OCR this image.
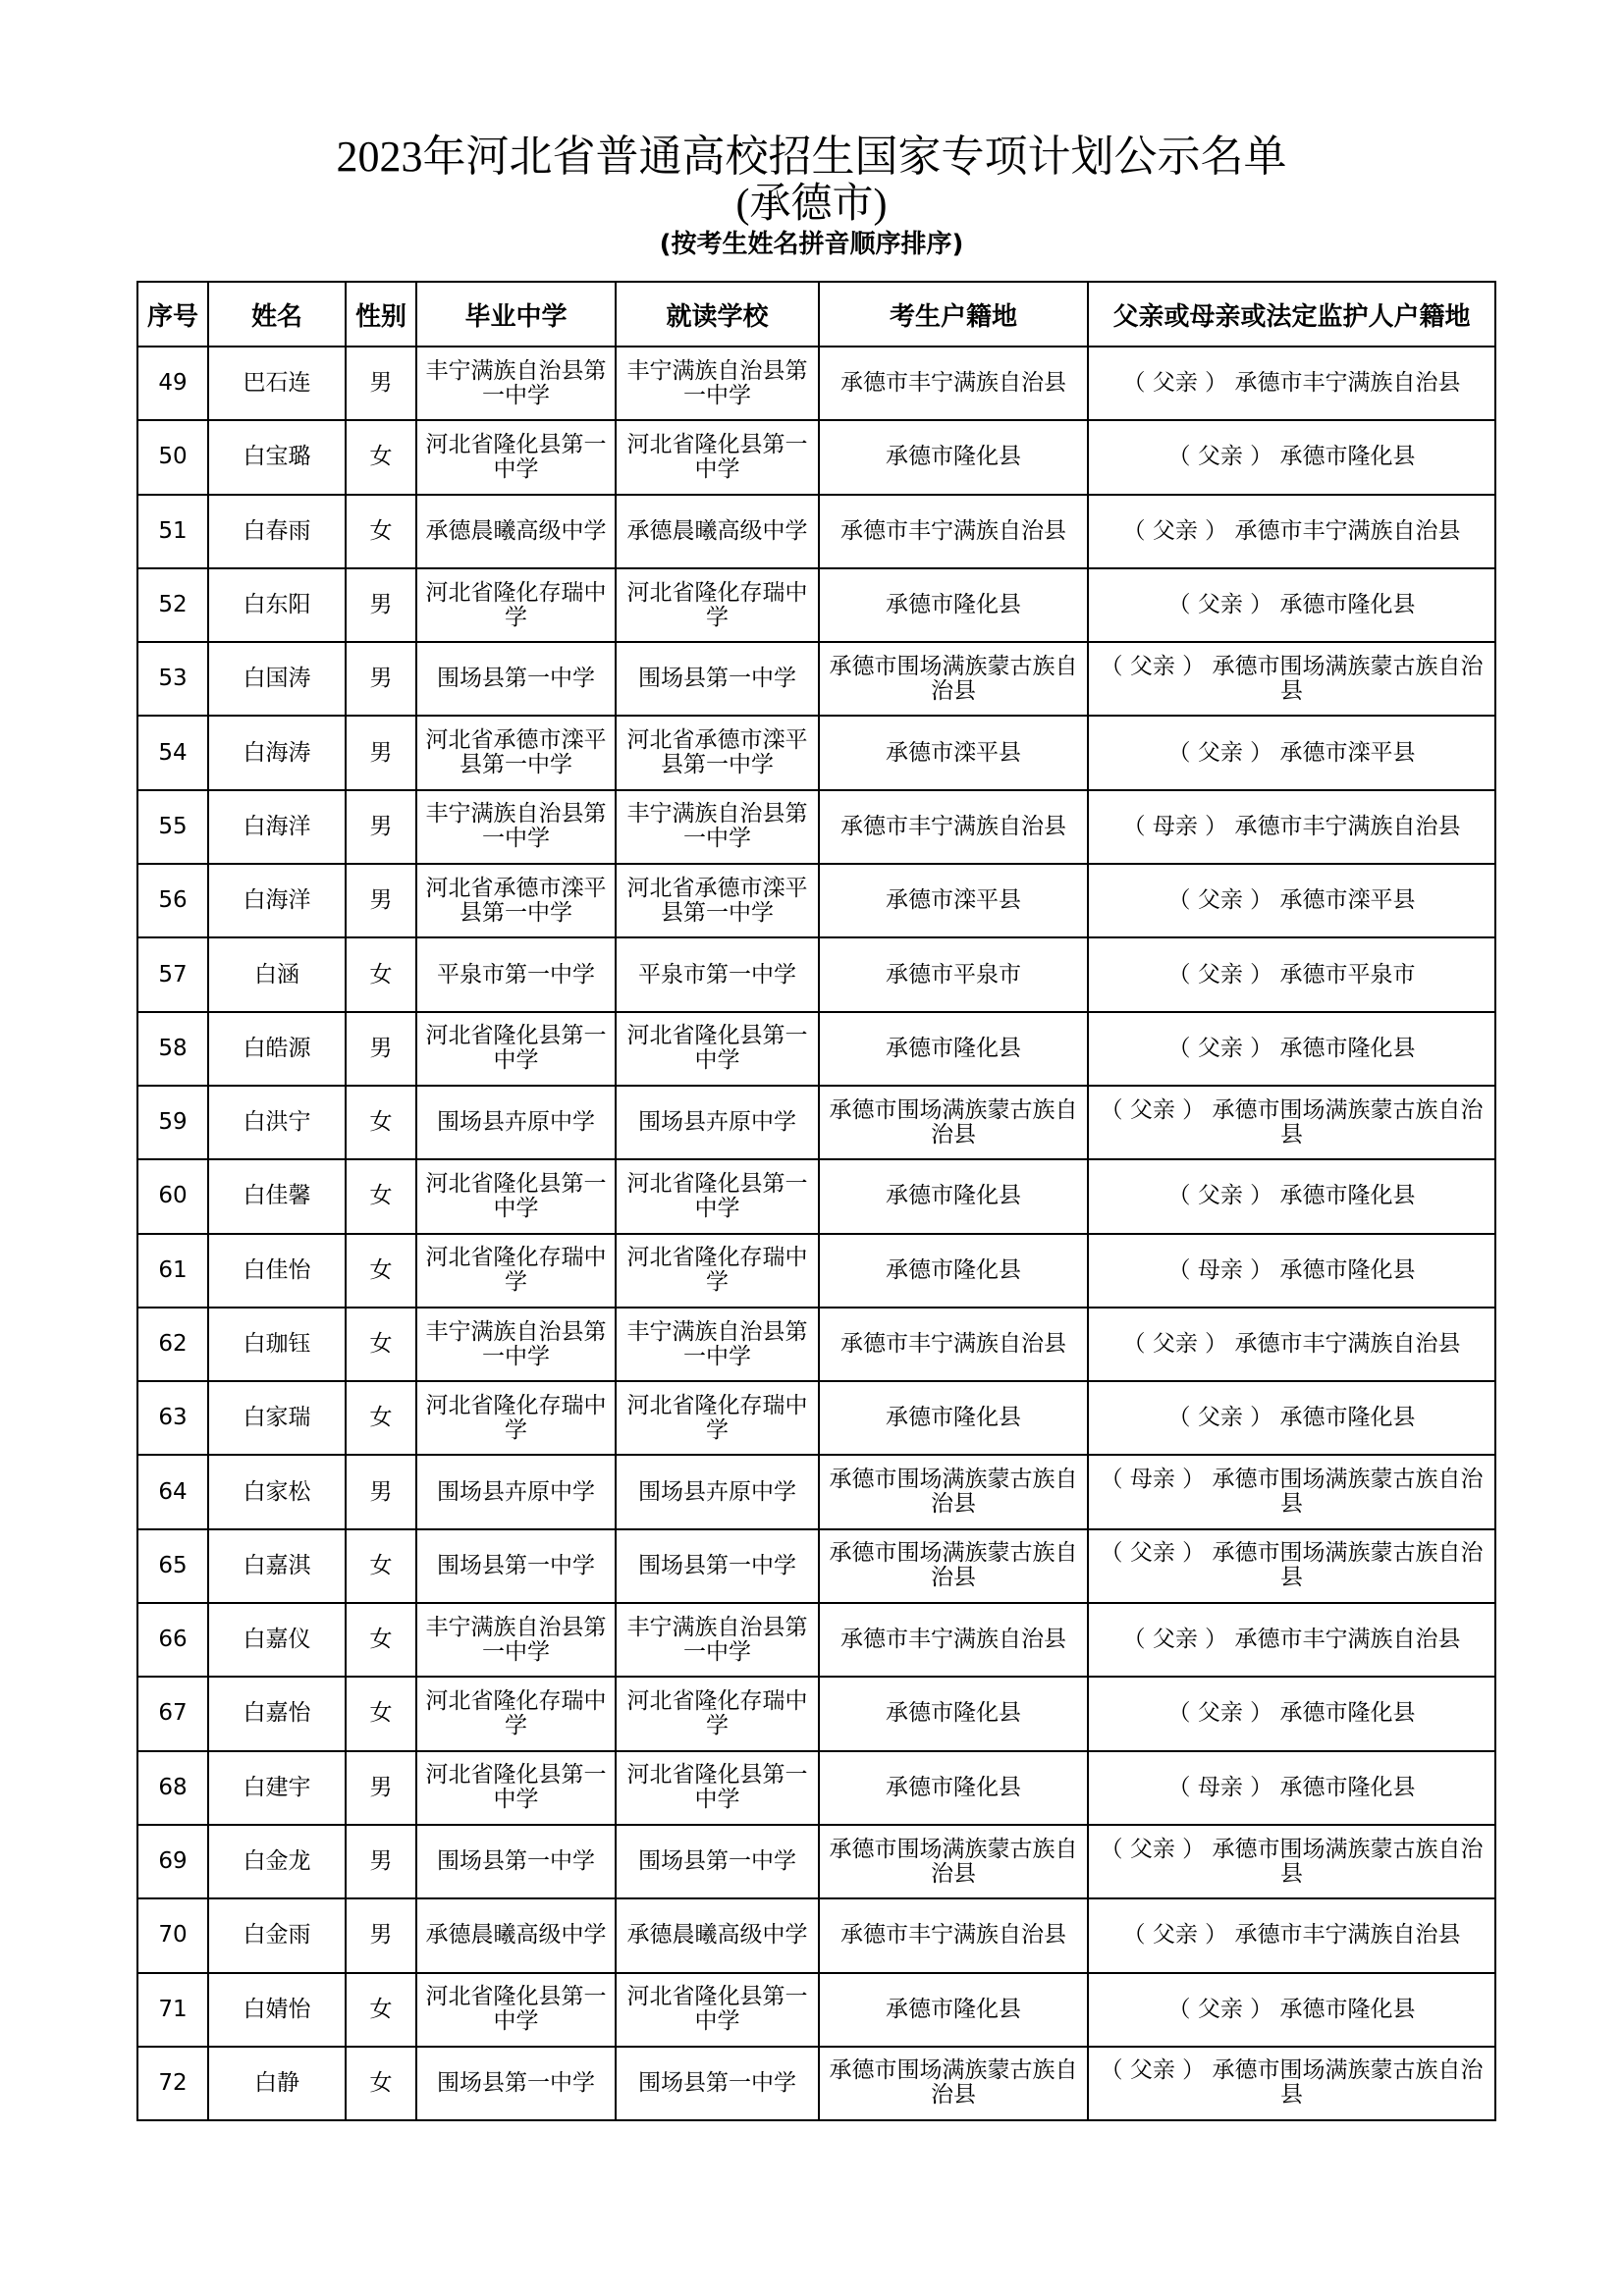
2023年河北省普通高校招生国家专项计划公示名单
(承德市)
(按考生姓名拼音顺序排序)
序号	姓名	性别	毕业中学	就读学校	考生户籍地	父亲或母亲或法定监护人户籍地
49	巴石连	男	丰宁满族自治县第一中学	丰宁满族自治县第一中学	承德市丰宁满族自治县	（ 父亲 ） 承德市丰宁满族自治县
50	白宝璐	女	河北省隆化县第一中学	河北省隆化县第一中学	承德市隆化县	（ 父亲 ） 承德市隆化县
51	白春雨	女	承德晨曦高级中学	承德晨曦高级中学	承德市丰宁满族自治县	（ 父亲 ） 承德市丰宁满族自治县
52	白东阳	男	河北省隆化存瑞中学	河北省隆化存瑞中学	承德市隆化县	（ 父亲 ） 承德市隆化县
53	白国涛	男	围场县第一中学	围场县第一中学	承德市围场满族蒙古族自治县	（ 父亲 ） 承德市围场满族蒙古族自治县
54	白海涛	男	河北省承德市滦平县第一中学	河北省承德市滦平县第一中学	承德市滦平县	（ 父亲 ） 承德市滦平县
55	白海洋	男	丰宁满族自治县第一中学	丰宁满族自治县第一中学	承德市丰宁满族自治县	（ 母亲 ） 承德市丰宁满族自治县
56	白海洋	男	河北省承德市滦平县第一中学	河北省承德市滦平县第一中学	承德市滦平县	（ 父亲 ） 承德市滦平县
57	白涵	女	平泉市第一中学	平泉市第一中学	承德市平泉市	（ 父亲 ） 承德市平泉市
58	白皓源	男	河北省隆化县第一中学	河北省隆化县第一中学	承德市隆化县	（ 父亲 ） 承德市隆化县
59	白洪宁	女	围场县卉原中学	围场县卉原中学	承德市围场满族蒙古族自治县	（ 父亲 ） 承德市围场满族蒙古族自治县
60	白佳馨	女	河北省隆化县第一中学	河北省隆化县第一中学	承德市隆化县	（ 父亲 ） 承德市隆化县
61	白佳怡	女	河北省隆化存瑞中学	河北省隆化存瑞中学	承德市隆化县	（ 母亲 ） 承德市隆化县
62	白珈钰	女	丰宁满族自治县第一中学	丰宁满族自治县第一中学	承德市丰宁满族自治县	（ 父亲 ） 承德市丰宁满族自治县
63	白家瑞	女	河北省隆化存瑞中学	河北省隆化存瑞中学	承德市隆化县	（ 父亲 ） 承德市隆化县
64	白家松	男	围场县卉原中学	围场县卉原中学	承德市围场满族蒙古族自治县	（ 母亲 ） 承德市围场满族蒙古族自治县
65	白嘉淇	女	围场县第一中学	围场县第一中学	承德市围场满族蒙古族自治县	（ 父亲 ） 承德市围场满族蒙古族自治县
66	白嘉仪	女	丰宁满族自治县第一中学	丰宁满族自治县第一中学	承德市丰宁满族自治县	（ 父亲 ） 承德市丰宁满族自治县
67	白嘉怡	女	河北省隆化存瑞中学	河北省隆化存瑞中学	承德市隆化县	（ 父亲 ） 承德市隆化县
68	白建宇	男	河北省隆化县第一中学	河北省隆化县第一中学	承德市隆化县	（ 母亲 ） 承德市隆化县
69	白金龙	男	围场县第一中学	围场县第一中学	承德市围场满族蒙古族自治县	（ 父亲 ） 承德市围场满族蒙古族自治县
70	白金雨	男	承德晨曦高级中学	承德晨曦高级中学	承德市丰宁满族自治县	（ 父亲 ） 承德市丰宁满族自治县
71	白婧怡	女	河北省隆化县第一中学	河北省隆化县第一中学	承德市隆化县	（ 父亲 ） 承德市隆化县
72	白静	女	围场县第一中学	围场县第一中学	承德市围场满族蒙古族自治县	（ 父亲 ） 承德市围场满族蒙古族自治县
